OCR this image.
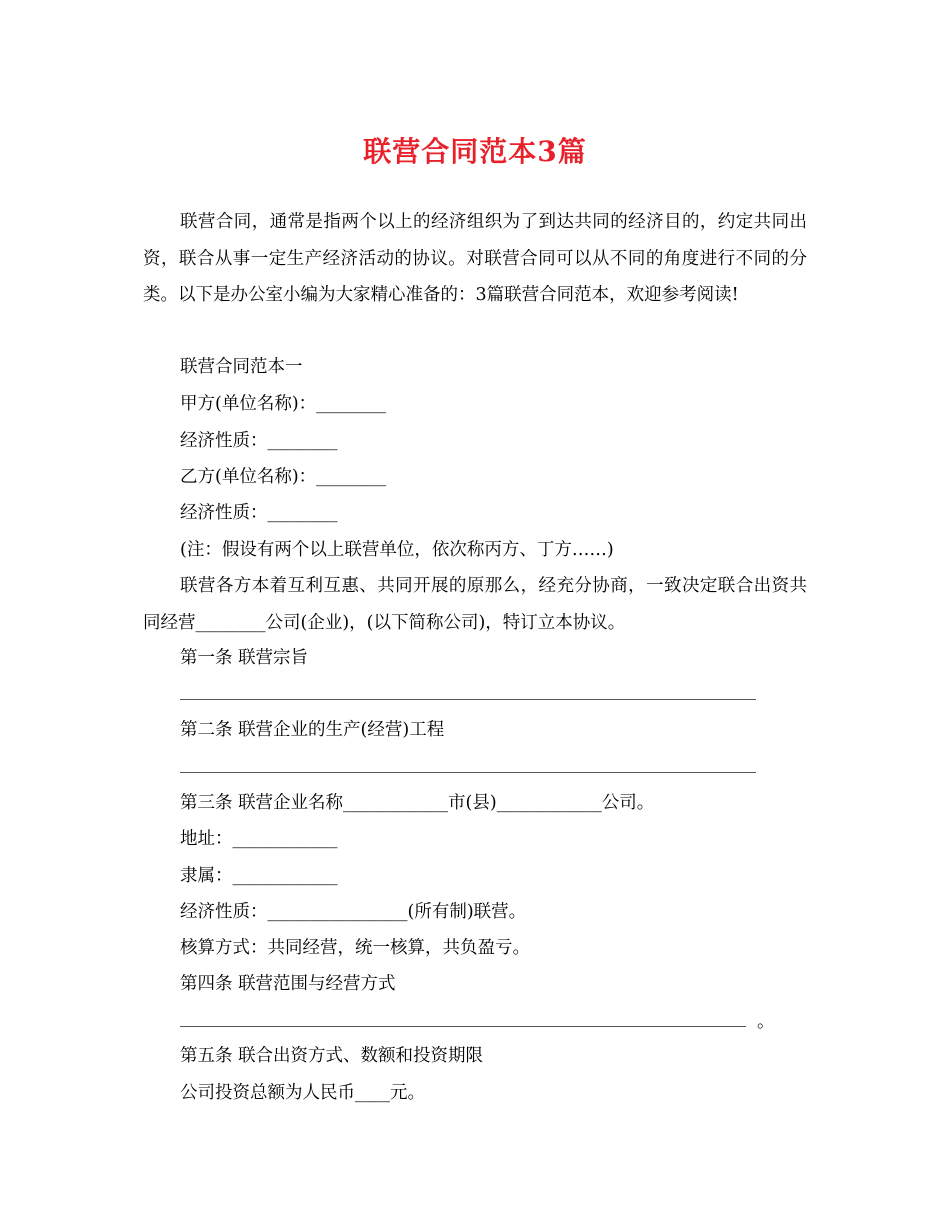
联营合同范本3篇

联营合同，通常是指两个以上的经济组织为了到达共同的经济目的，约定共同出资，联合从事一定生产经济活动的协议。对联营合同可以从不同的角度进行不同的分类。以下是办公室小编为大家精心准备的：3篇联营合同范本，欢迎参考阅读!

联营合同范本一
甲方(单位名称)：________
经济性质：________
乙方(单位名称)：________
经济性质：________
(注：假设有两个以上联营单位，依次称丙方、丁方……)

联营各方本着互利互惠、共同开展的原那么，经充分协商，一致决定联合出资共同经营________公司(企业)，(以下简称公司)，特订立本协议。

第一条 联营宗旨
第二条 联营企业的生产(经营)工程
第三条 联营企业名称____________市(县)____________公司。
地址：____________
隶属：____________
经济性质：________________(所有制)联营。
核算方式：共同经营，统一核算，共负盈亏。
第四条 联营范围与经营方式
。
第五条 联合出资方式、数额和投资期限
公司投资总额为人民币____元。
